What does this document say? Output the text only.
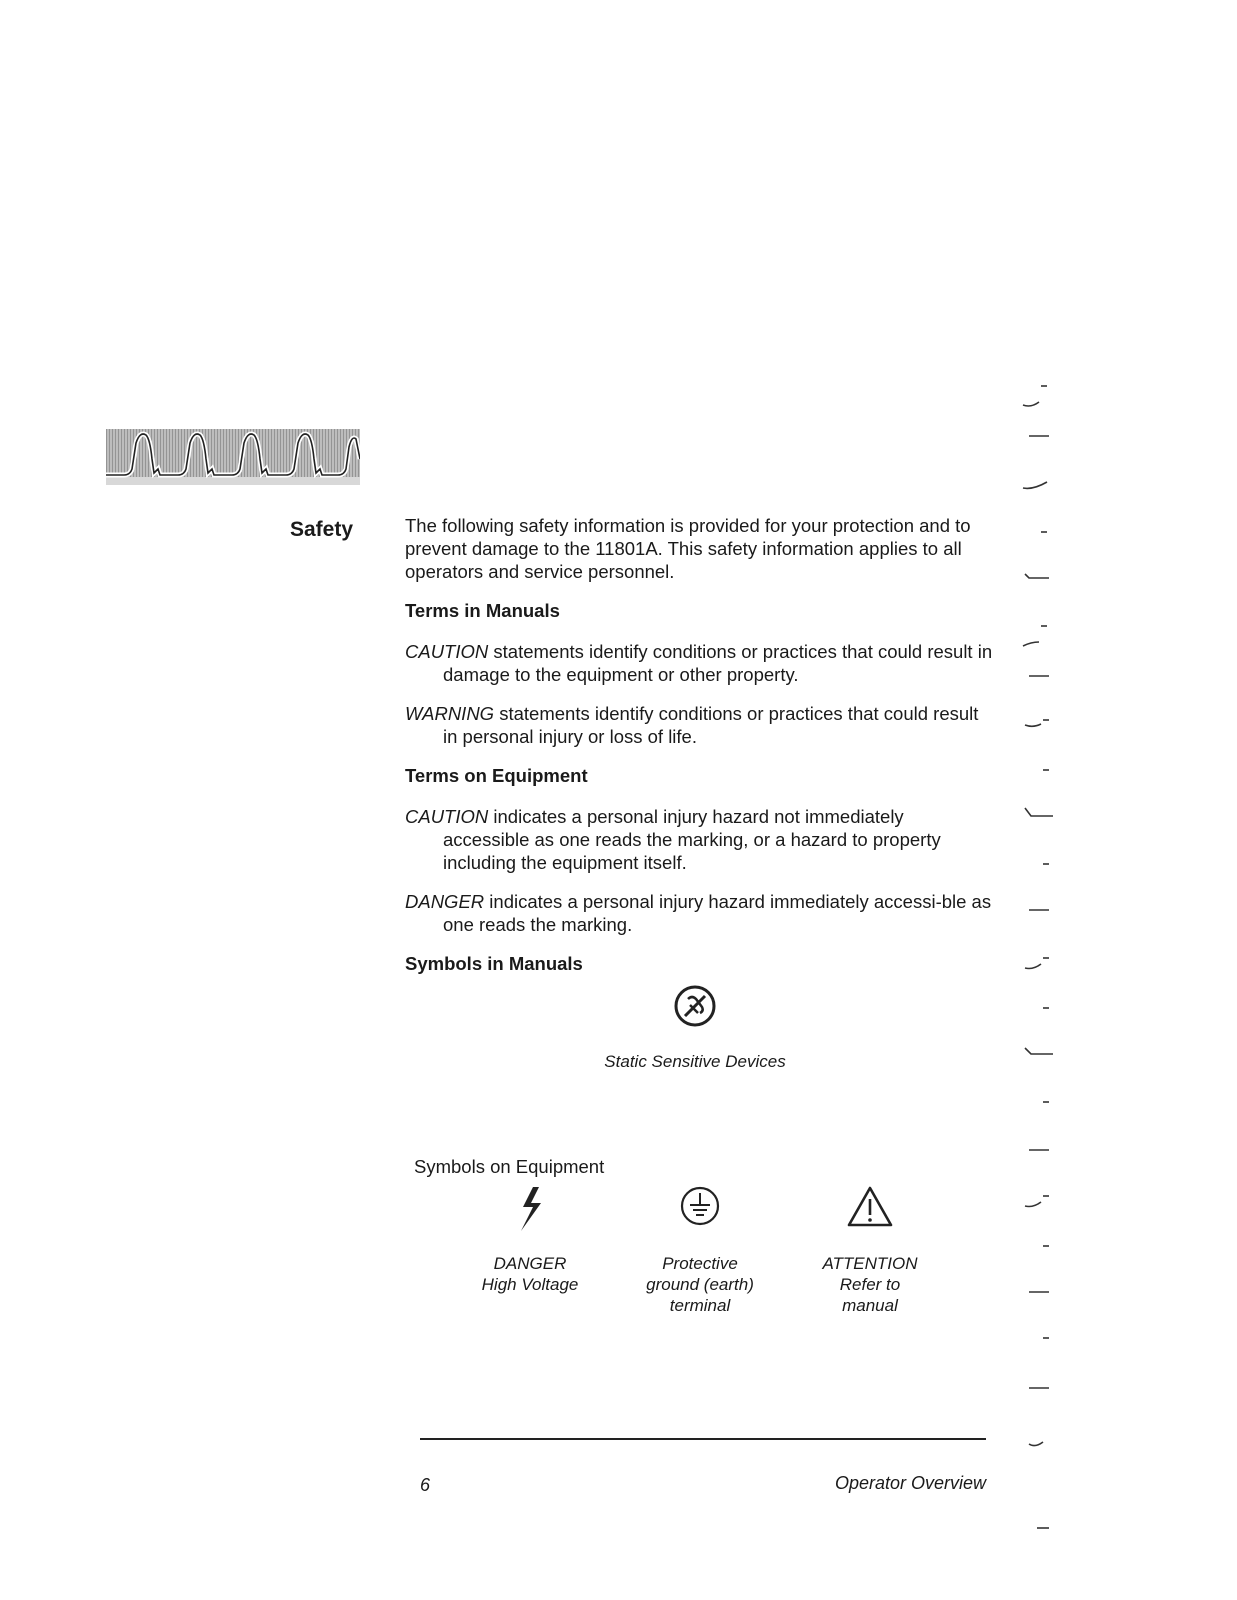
Safety	The following safety information is provided for your protection and to prevent damage to the 11801A. This safety information applies to all operators and service personnel.

Terms in Manuals

CAUTION statements identify conditions or practices that could result in damage to the equipment or other property.

WARNING statements identify conditions or practices that could result in personal injury or loss of life.

Terms on Equipment

CAUTION indicates a personal injury hazard not immediately accessible as one reads the marking, or a hazard to property including the equipment itself.

DANGER indicates a personal injury hazard immediately accessi-ble as one reads the marking.

Symbols in Manuals
Static Sensitive Devices
Symbols on Equipment
DANGER
High Voltage
Protective
ground (earth)
terminal
ATTENTION
Refer to
manual
6	Operator Overview
